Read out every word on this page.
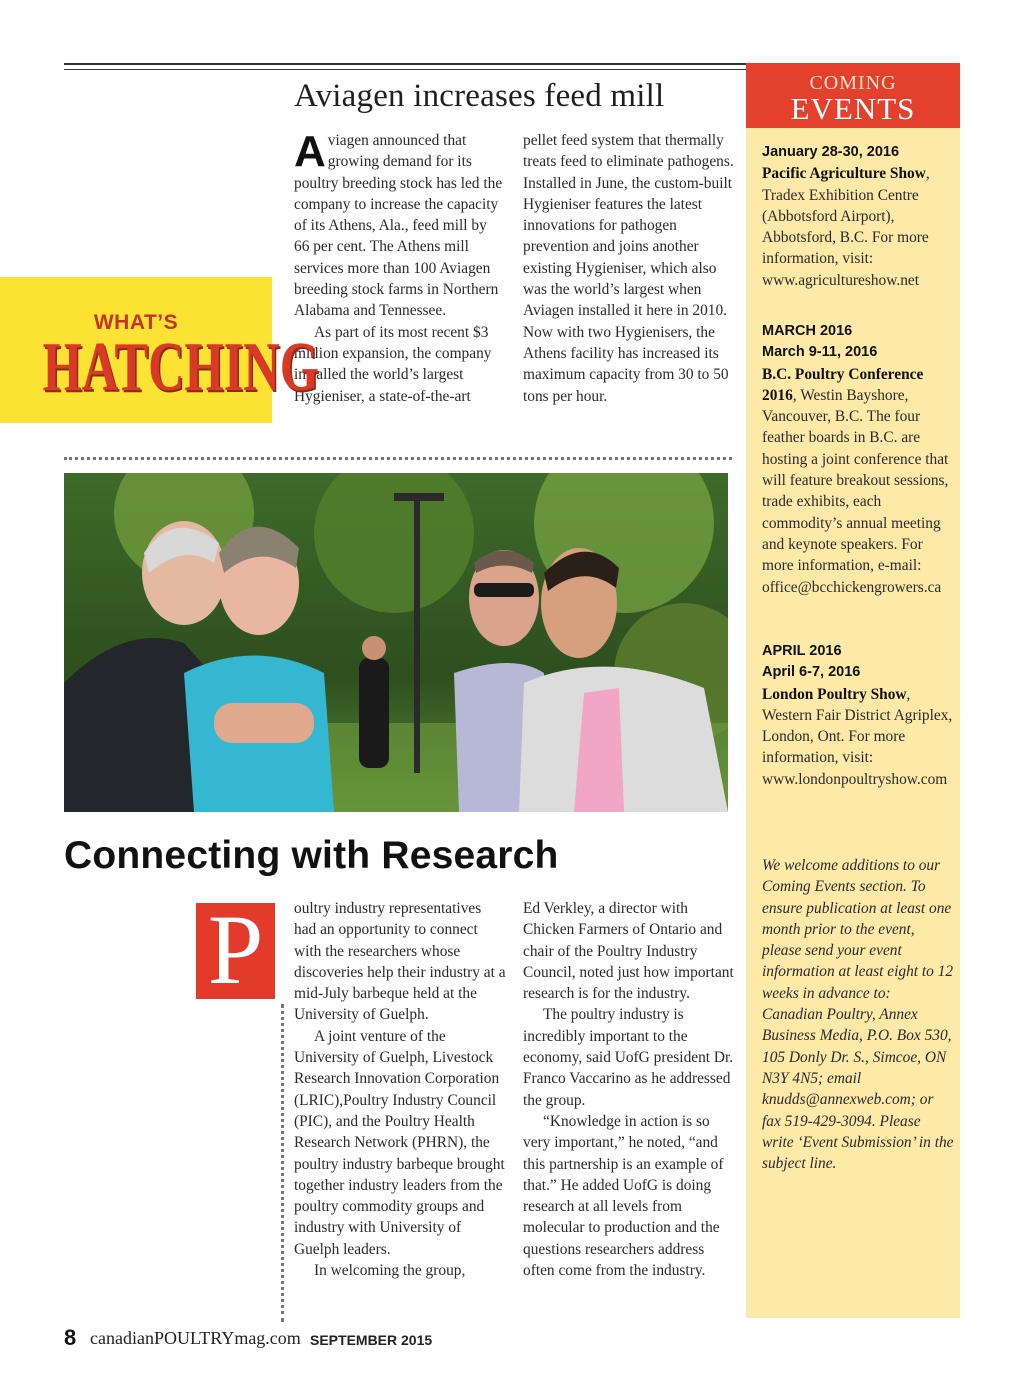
Aviagen increases feed mill

Aviagen announced that growing demand for its poultry breeding stock has led the company to increase the capacity of its Athens, Ala., feed mill by 66 per cent. The Athens mill services more than 100 Aviagen breeding stock farms in Northern Alabama and Tennessee.

As part of its most recent $3 million expansion, the company installed the world’s largest Hygieniser, a state-of-the-art

pellet feed system that thermally treats feed to eliminate pathogens. Installed in June, the custom-built Hygieniser features the latest innovations for pathogen prevention and joins another existing Hygieniser, which also was the world’s largest when Aviagen installed it here in 2010. Now with two Hygienisers, the Athens facility has increased its maximum capacity from 30 to 50 tons per hour.

WHAT’S
HATCHING
Connecting with Research
P	oultry industry representatives had an opportunity to connect with the researchers whose discoveries help their industry at a mid-July barbeque held at the University of Guelph.

A joint venture of the University of Guelph, Livestock Research Innovation Corporation (LRIC),Poultry Industry Council (PIC), and the Poultry Health Research Network (PHRN), the poultry industry barbeque brought together industry leaders from the poultry commodity groups and industry with University of Guelph leaders.

In welcoming the group,

Ed Verkley, a director with Chicken Farmers of Ontario and chair of the Poultry Industry Council, noted just how important research is for the industry.

The poultry industry is incredibly important to the economy, said UofG president Dr. Franco Vaccarino as he addressed the group.

“Knowledge in action is so very important,” he noted, “and this partnership is an example of that.” He added UofG is doing research at all levels from molecular to production and the questions researchers address often come from the industry.

COMING
EVENTS
January 28-30, 2016
Pacific Agriculture Show, Tradex Exhibition Centre (Abbotsford Airport), Abbotsford, B.C. For more information, visit: www.agricultureshow.net
MARCH 2016
March 9-11, 2016
B.C. Poultry Conference 2016, Westin Bayshore, Vancouver, B.C. The four feather boards in B.C. are hosting a joint conference that will feature breakout sessions, trade exhibits, each commodity’s annual meeting and keynote speakers. For more information, e-mail: office@bcchickengrowers.ca
APRIL 2016
April 6-7, 2016
London Poultry Show, Western Fair District Agriplex, London, Ont. For more information, visit: www.londonpoultryshow.com
We welcome additions to our Coming Events section. To ensure publication at least one month prior to the event, please send your event information at least eight to 12 weeks in advance to: Canadian Poultry, Annex Business Media, P.O. Box 530, 105 Donly Dr. S., Simcoe, ON N3Y 4N5; email knudds@annexweb.com; or fax 519-429-3094. Please write ‘Event Submission’ in the subject line.
8 canadianPOULTRYmag.com SEPTEMBER 2015
